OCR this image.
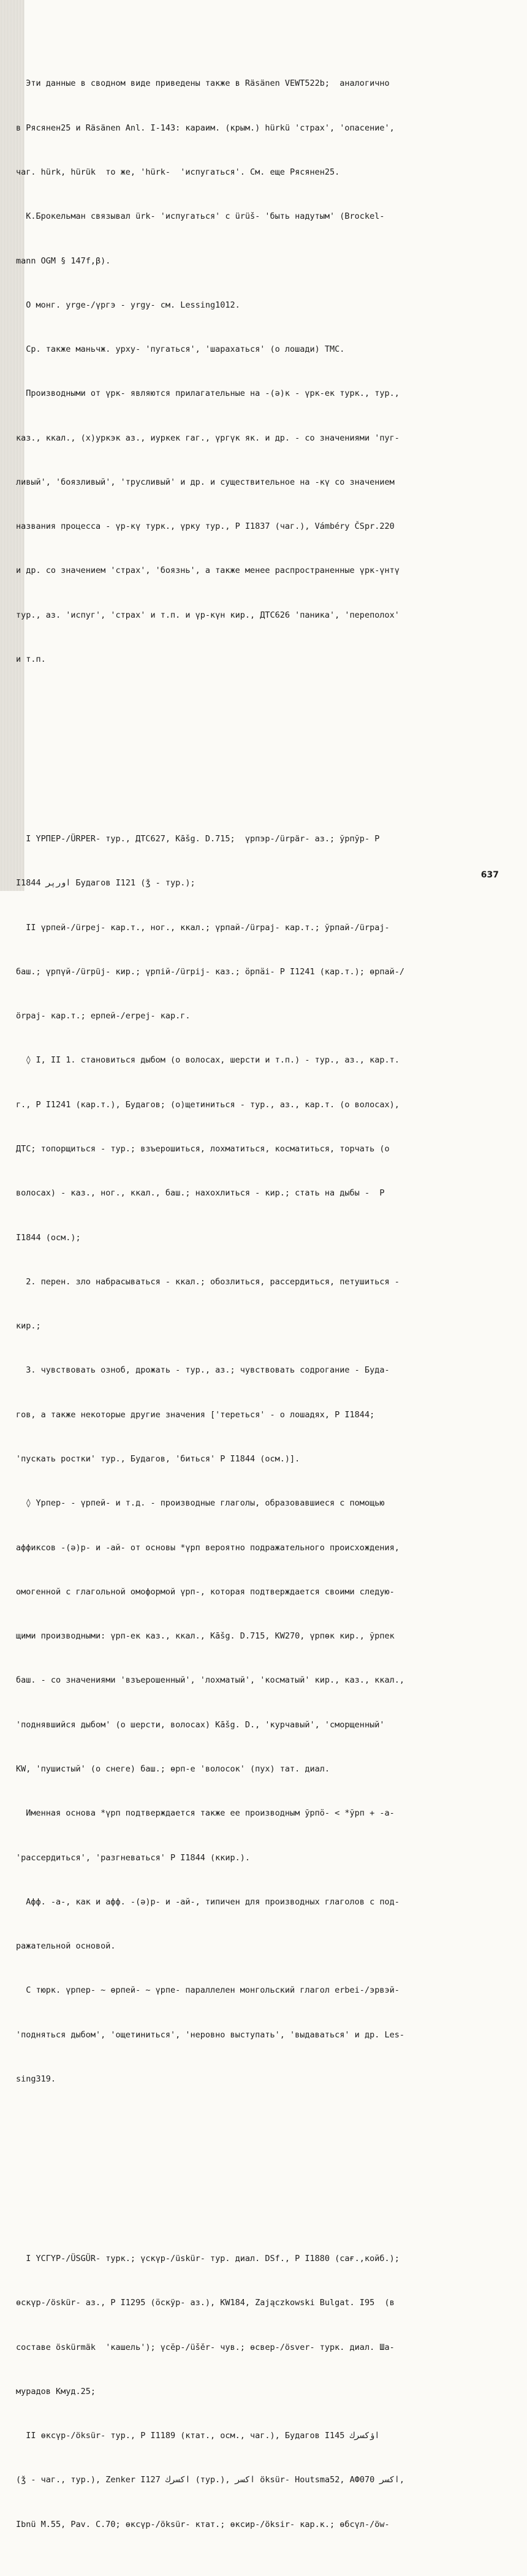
Эти данные в сводном виде приведены также в Räsänen VEWT522b;  аналогично

в Рясянен25 и Räsänen Anl. I-143: караим. (крым.) hürkü 'страх', 'опасение',

чаг. hürk, hürük  то же, 'hürk-  'испугаться'. См. еще Рясянен25.

К.Брокельман связывал ürk- 'испугаться' с ürüš- 'быть надутым' (Brockel-

mann OGM § 147f,β).

О монг. yrge-/үргэ - yrgy- см. Lessing1012.

Ср. также маньчж. урху- 'пугаться', 'шарахаться' (о лошади) ТМС.

Производными от үрк- являются прилагательные на -(ə)к - үрк-ек турк., тур.,

каз., ккал., (х)уркэк аз., иуркек гаг., үргүк як. и др. - со значениями 'пуг-

ливый', 'боязливый', 'трусливый' и др. и существительное на -кү со значением

названия процесса - үр-кү турк., үрку тур., Р I1837 (чаг.), Vámbéry ČSpr.220

и др. со значением 'страх', 'боязнь', а также менее распространенные үрк-үнтү

тур., аз. 'испуг', 'страх' и т.п. и үр-күн кир., ДТС626 'паника', 'переполох'

и т.п.

I ҮРПЕР-/ÜRPER- тур., ДТС627, Kāšg. D.715;  үрпэр-/ürpär- аз.; ўрпўр- Р

I1844 اورپر Будагов I121 (ǯ - тур.);

II үрпей-/ürpej- кар.т., ног., ккал.; үрпай-/ürpaj- кар.т.; ўрпай-/ürpaj-

баш.; үрпүй-/ürpüj- кир.; үрпій-/ürpij- каз.; ӧрпӓi- Р I1241 (кар.т.); өрпай-/

örpaj- кар.т.; ерпей-/erpej- кар.г.

◊ I, II 1. становиться дыбом (о волосах, шерсти и т.п.) - тур., аз., кар.т.

г., Р I1241 (кар.т.), Будагов; (о)щетиниться - тур., аз., кар.т. (о волосах),

ДТС; топорщиться - тур.; взъерошиться, лохматиться, косматиться, торчать (о

волосах) - каз., ног., ккал., баш.; нахохлиться - кир.; стать на дыбы -  Р

I1844 (осм.);

2. перен. зло набрасываться - ккал.; обозлиться, рассердиться, петушиться -

кир.;

3. чувствовать озноб, дрожать - тур., аз.; чувствовать содрогание - Буда-

гов, а также некоторые другие значения ['тереться' - о лошадях, Р I1844;

'пускать ростки' тур., Будагов, 'биться' Р I1844 (осм.)].

◊ Үрпер- - үрпей- и т.д. - производные глаголы, образовавшиеся с помощью

аффиксов -(ə)р- и -ай- от основы *үрп вероятно подражательного происхождения,

омогенной с глагольной омоформой үрп-, которая подтверждается своими следую-

щими производными: үрп-ек каз., ккал., Kāšg. D.715, KW270, үрпөк кир., ўрпек

баш. - со значениями 'взъерошенный', 'лохматый', 'косматый' кир., каз., ккал.,

'поднявшийся дыбом' (о шерсти, волосах) Kāšg. D., 'курчавый', 'сморщенный'

KW, 'пушистый' (о снеге) баш.; өрп-е 'волосок' (пух) тат. диал.

Именная основа *үрп подтверждается также ее производным ўрпӧ- < *ўрп + -а-

'рассердиться', 'разгневаться' Р I1844 (ккир.).

Афф. -а-, как и афф. -(ə)р- и -ай-, типичен для производных глаголов с под-

ражательной основой.

С тюрк. үрпер- ~ өрпей- ~ үрпе- параллелен монгольский глагол erbei-/эрвэй-

'подняться дыбом', 'ощетиниться', 'неровно выступать', 'выдаваться' и др. Les-

sing319.

I ҮСГҮР-/ÜSGÜR- турк.; үскүр-/üskür- тур. диал. DSf., Р I1880 (сағ.,койб.);

өскүр-/öskür- аз., Р I1295 (ӧскӱр- аз.), KW184, Zajączkowski Bulgat. I95  (в

составе öskürmäk  'кашель'); үсӗр-/üšěr- чув.; өсвер-/ösver- турк. диал. Ша-

мурадов Кмуд.25;

II өксүр-/öksür- тур., Р I1189 (ктат., осм., чаг.), Будагов I145 اؤکسرك

(ǯ - чаг., тур.), Zenker I127 اكسرك (тур.), اكسر öksür- Houtsma52, АФ070 اكسر,

Ibnü M.55, Pav. C.70; өксүр-/öksür- ктат.; өксир-/öksir- кар.к.; өбсүл-/öw-

637
